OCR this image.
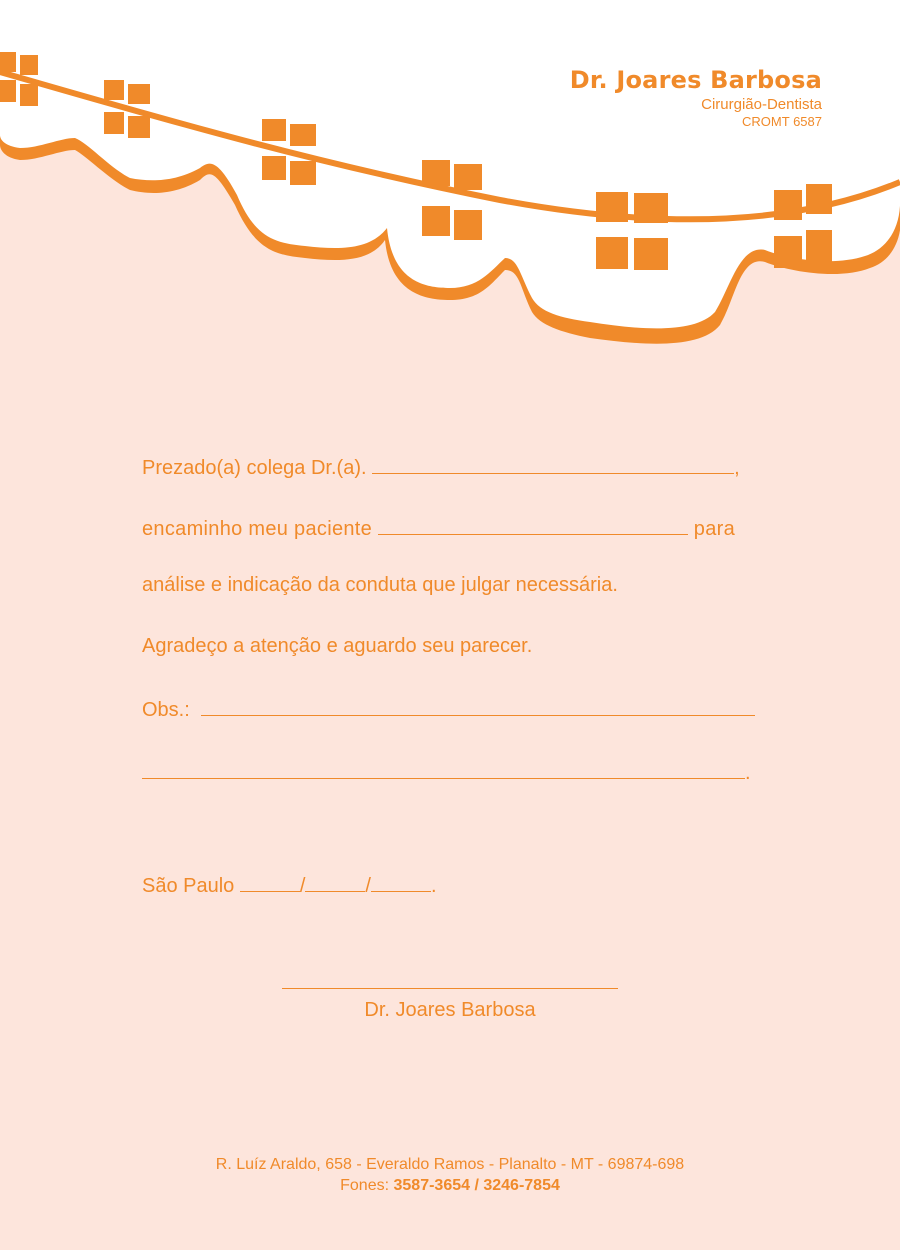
Dr. Joares Barbosa
Cirurgião-Dentista
CROMT 6587
Prezado(a) colega Dr.(a).	,
encaminho meu paciente	para
análise e indicação da conduta que julgar necessária.
Agradeço a atenção e aguardo seu parecer.
Obs.:
.
São Paulo	/	/	.
Dr. Joares Barbosa
R. Luíz Araldo, 658 - Everaldo Ramos - Planalto - MT - 69874-698
Fones: 3587-3654 / 3246-7854
